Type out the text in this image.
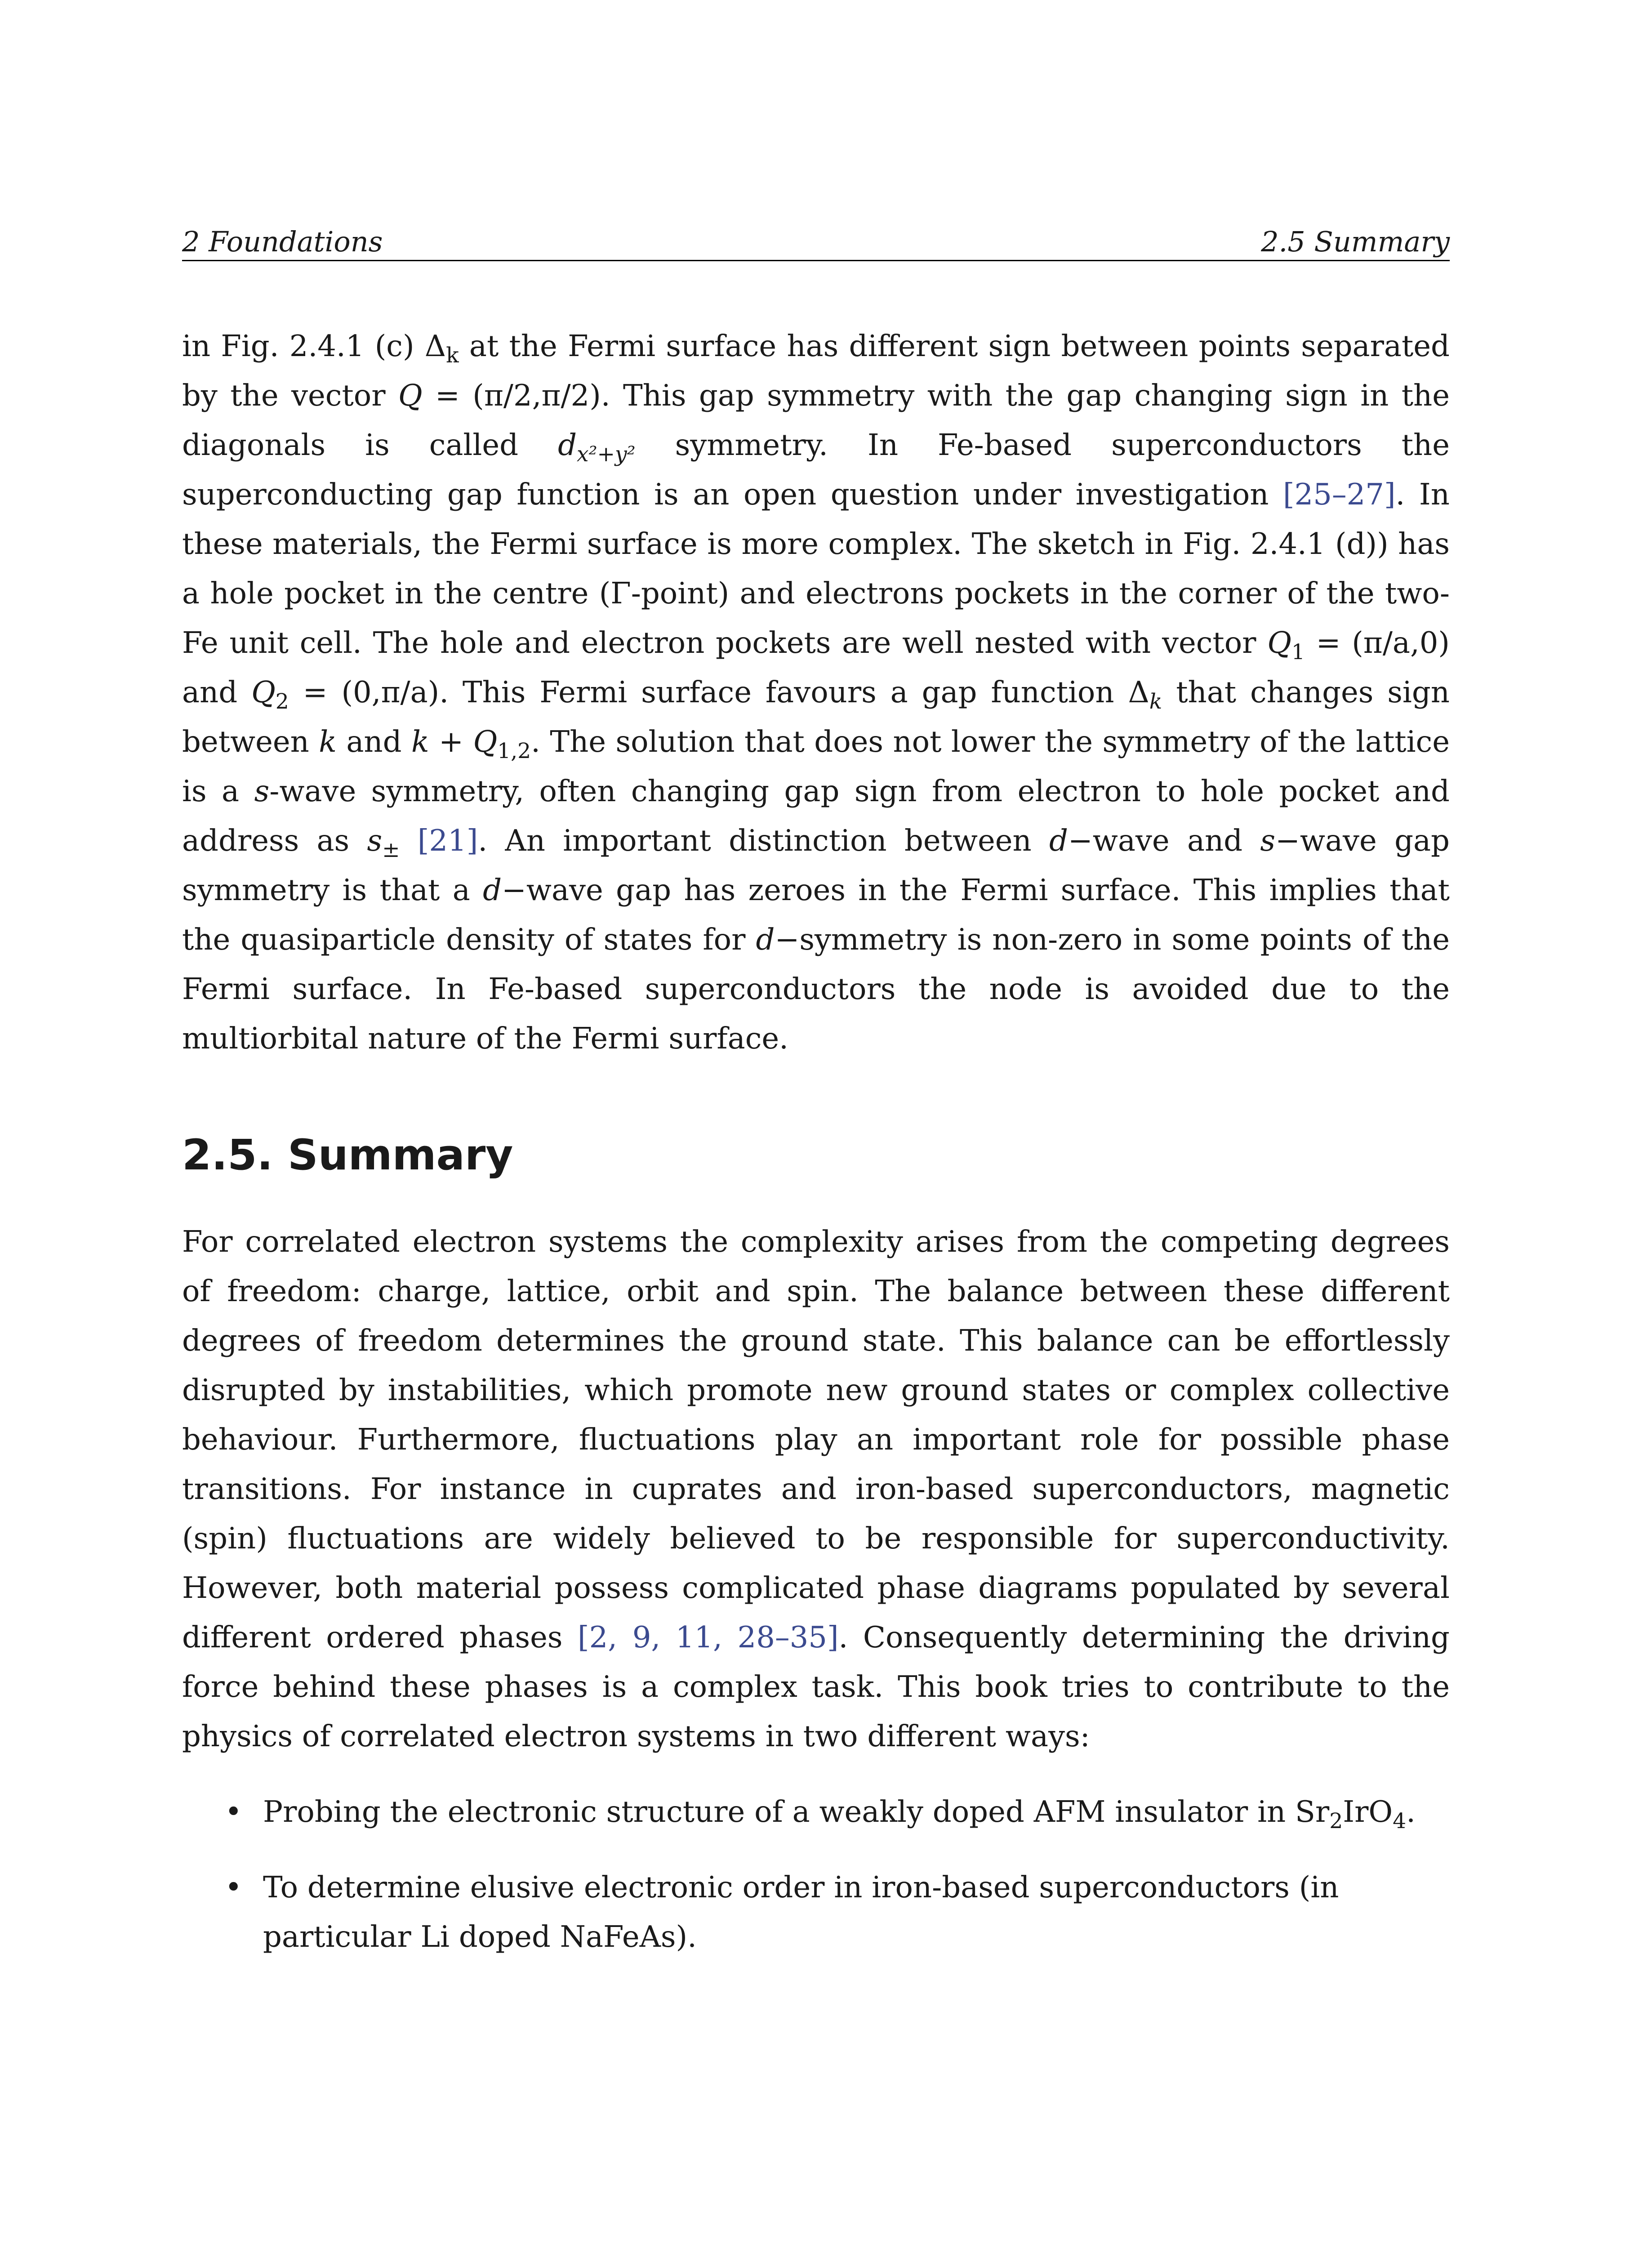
2 Foundations	2.5 Summary

in Fig. 2.4.1 (c) $\Delta_k$ at the Fermi surface has different sign between points separated by the vector Q = (π/2,π/2). This gap symmetry with the gap changing sign in the diagonals is called $d_{x^2+y^2}$ symmetry. In Fe-based superconductors the superconducting gap function is an open question under investigation [25–27]. In these materials, the Fermi surface is more complex. The sketch in Fig. 2.4.1 (d)) has a hole pocket in the centre (Γ-point) and electrons pockets in the corner of the two-Fe unit cell. The hole and electron pockets are well nested with vector $Q_1 = (\pi/a,0)$ and $Q_2 = (0,\pi/a)$. This Fermi surface favours a gap function $\Delta_k$ that changes sign between k and $k + Q_{1,2}$. The solution that does not lower the symmetry of the lattice is a s-wave symmetry, often changing gap sign from electron to hole pocket and address as $s_\pm$ [21]. An important distinction between d−wave and s−wave gap symmetry is that a d−wave gap has zeroes in the Fermi surface. This implies that the quasiparticle density of states for d−symmetry is non-zero in some points of the Fermi surface. In Fe-based superconductors the node is avoided due to the multiorbital nature of the Fermi surface.

2.5. Summary

For correlated electron systems the complexity arises from the competing degrees of freedom: charge, lattice, orbit and spin. The balance between these different degrees of freedom determines the ground state. This balance can be effortlessly disrupted by instabilities, which promote new ground states or complex collective behaviour. Furthermore, fluctuations play an important role for possible phase transitions. For instance in cuprates and iron-based superconductors, magnetic (spin) fluctuations are widely believed to be responsible for superconductivity. However, both material possess complicated phase diagrams populated by several different ordered phases [2, 9, 11, 28–35]. Consequently determining the driving force behind these phases is a complex task. This book tries to contribute to the physics of correlated electron systems in two different ways:

• Probing the electronic structure of a weakly doped AFM insulator in $Sr_2IrO_4$.
• To determine elusive electronic order in iron-based superconductors (in particular Li doped NaFeAs).
